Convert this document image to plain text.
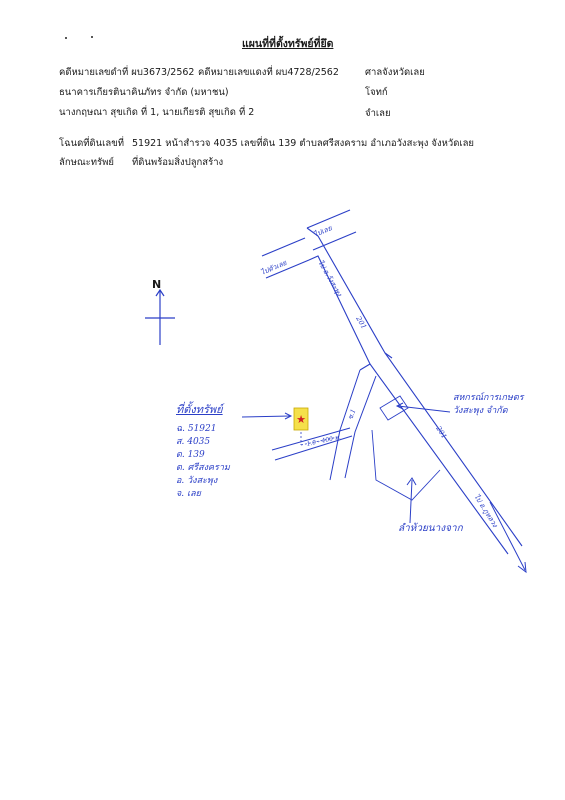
แผนที่ที่ตั้งทรัพย์ที่ยึด
คดีหมายเลขดำที่ ผบ3673/2562 คดีหมายเลขแดงที่ ผบ4728/2562	ศาลจังหวัดเลย
ธนาคารเกียรตินาคินภัทร จำกัด (มหาชน)	โจทก์
นางกฤษณา สุขเกิด ที่ 1, นายเกียรติ สุขเกิด ที่ 2	จำเลย
โฉนดที่ดินเลขที่ 51921 หน้าสำรวจ 4035 เลขที่ดิน 139 ตำบลศรีสงคราม อำเภอวังสะพุง จังหวัดเลย
ลักษณะทรัพย์ ที่ดินพร้อมสิ่งปลูกสร้าง
N
★
ไปตัวเลย
ไปเลย
ไป อ.วังสะพุง
201
201
ไป อ.ภูหลวง
ซ.1
1.0 - 400 ม.
สหกรณ์การเกษตร
วังสะพุง จำกัด
ที่ตั้งทรัพย์
ฉ. 51921
ส. 4035
ด. 139
ต. ศรีสงคราม
อ. วังสะพุง
จ. เลย
ลำห้วยนางจาก
